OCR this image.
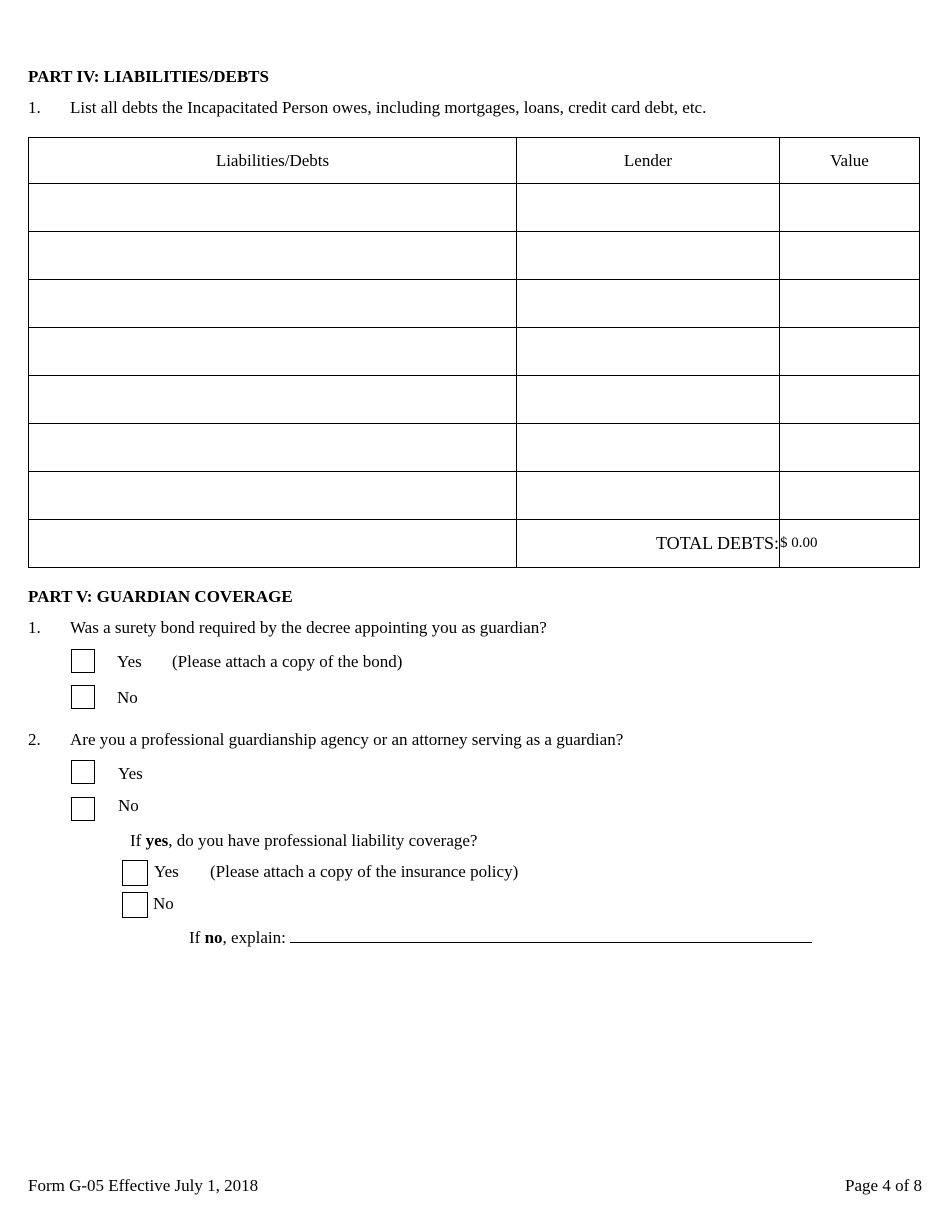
PART IV: LIABILITIES/DEBTS
1. List all debts the Incapacitated Person owes, including mortgages, loans, credit card debt, etc.
Liabilities/Debts	Lender	Value

	TOTAL DEBTS:	$ 0.00
PART V: GUARDIAN COVERAGE
1. Was a surety bond required by the decree appointing you as guardian?
Yes (Please attach a copy of the bond)
No
2. Are you a professional guardianship agency or an attorney serving as a guardian?
Yes
No
If yes, do you have professional liability coverage?
Yes (Please attach a copy of the insurance policy)
No
If no, explain:
Form G-05 Effective July 1, 2018	Page 4 of 8
